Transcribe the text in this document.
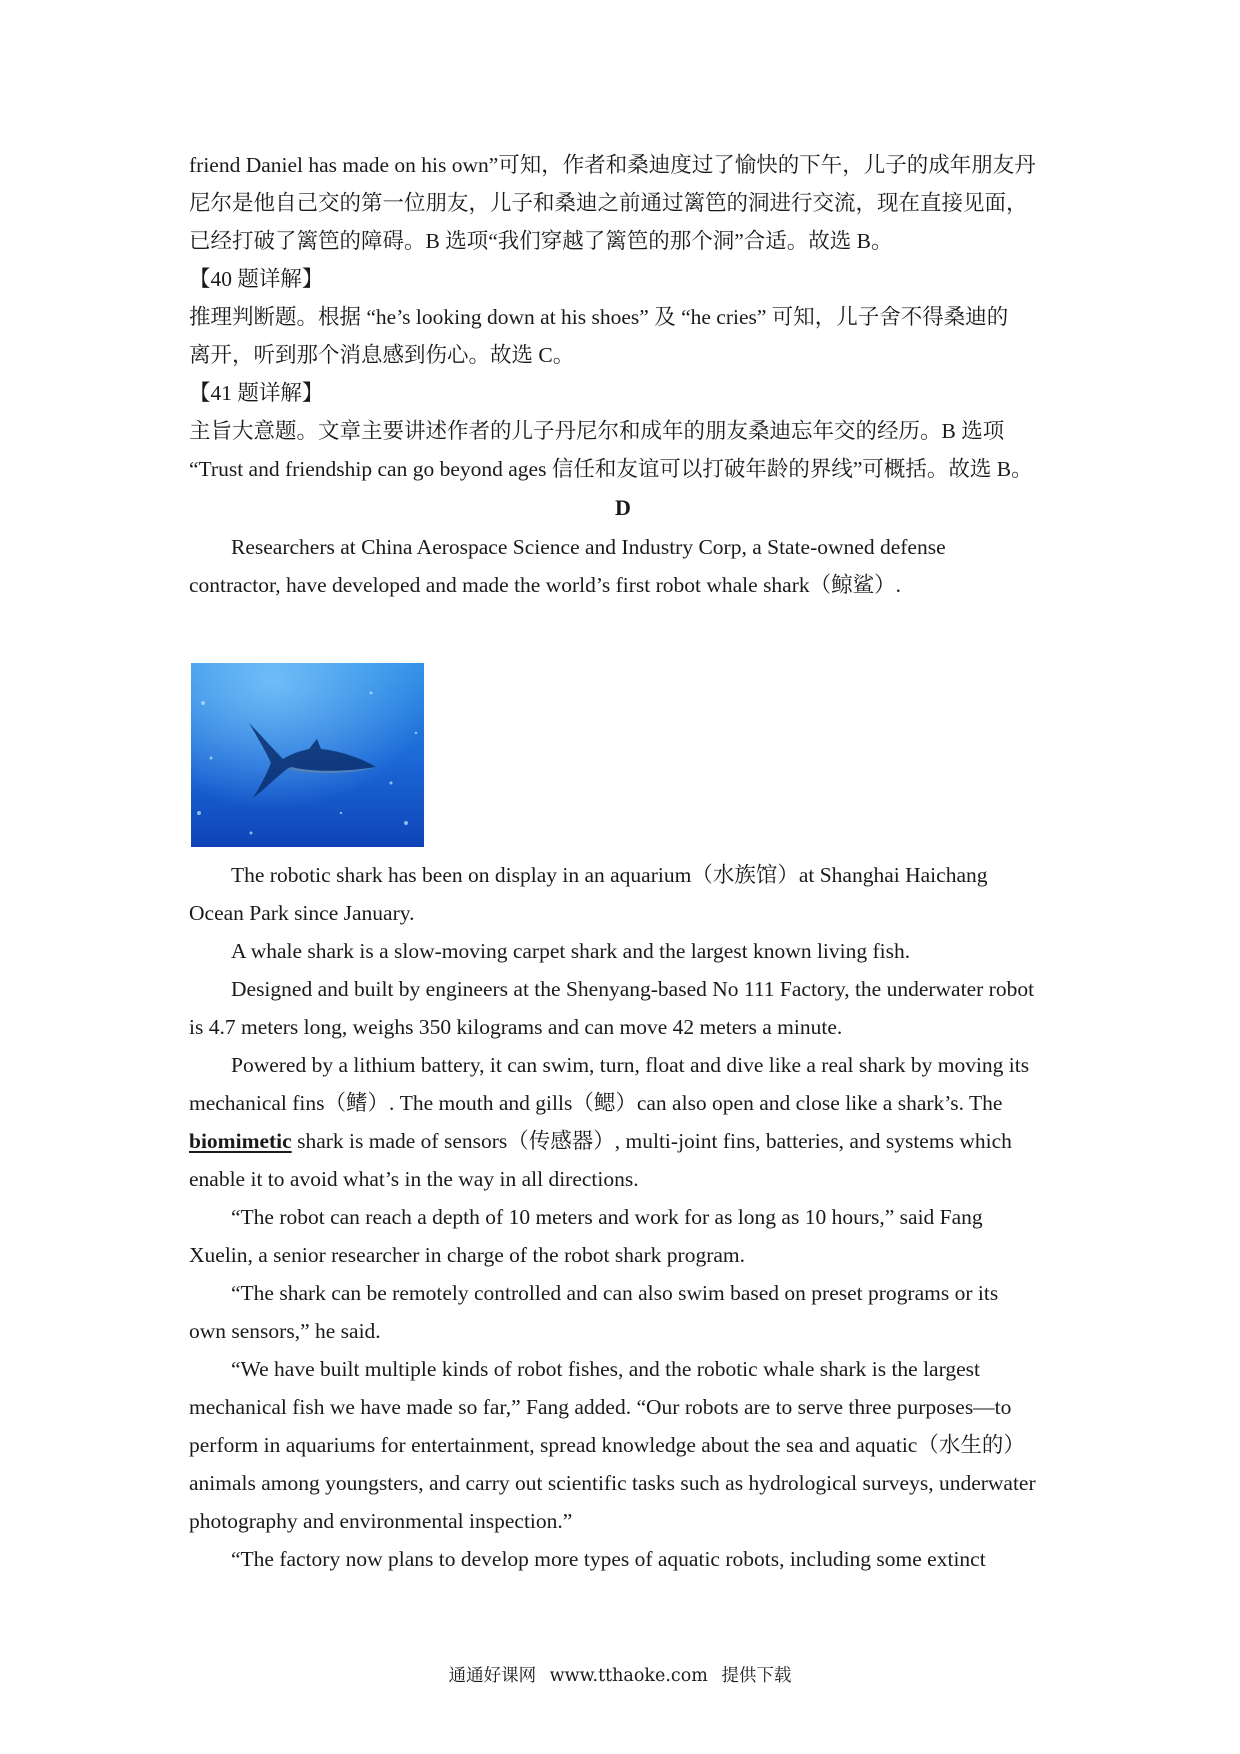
friend Daniel has made on his own”可知，作者和桑迪度过了愉快的下午，儿子的成年朋友丹
尼尔是他自己交的第一位朋友，儿子和桑迪之前通过篱笆的洞进行交流，现在直接见面，
已经打破了篱笆的障碍。B 选项“我们穿越了篱笆的那个洞”合适。故选 B。
【40 题详解】
推理判断题。根据 “he’s looking down at his shoes” 及 “he cries” 可知，儿子舍不得桑迪的
离开，听到那个消息感到伤心。故选 C。
【41 题详解】
主旨大意题。文章主要讲述作者的儿子丹尼尔和成年的朋友桑迪忘年交的经历。B 选项
“Trust and friendship can go beyond ages 信任和友谊可以打破年龄的界线”可概括。故选 B。
D
Researchers at China Aerospace Science and Industry Corp, a State-owned defense
contractor, have developed and made the world’s first robot whale shark（鲸鲨）.
The robotic shark has been on display in an aquarium（水族馆）at Shanghai Haichang
Ocean Park since January.
A whale shark is a slow-moving carpet shark and the largest known living fish.
Designed and built by engineers at the Shenyang-based No 111 Factory, the underwater robot
is 4.7 meters long, weighs 350 kilograms and can move 42 meters a minute.
Powered by a lithium battery, it can swim, turn, float and dive like a real shark by moving its
mechanical fins（鳍）. The mouth and gills（鳃）can also open and close like a shark’s. The
biomimetic shark is made of sensors（传感器）, multi-joint fins, batteries, and systems which
enable it to avoid what’s in the way in all directions.
“The robot can reach a depth of 10 meters and work for as long as 10 hours,” said Fang
Xuelin, a senior researcher in charge of the robot shark program.
“The shark can be remotely controlled and can also swim based on preset programs or its
own sensors,” he said.
“We have built multiple kinds of robot fishes, and the robotic whale shark is the largest
mechanical fish we have made so far,” Fang added. “Our robots are to serve three purposes—to
perform in aquariums for entertainment, spread knowledge about the sea and aquatic（水生的）
animals among youngsters, and carry out scientific tasks such as hydrological surveys, underwater
photography and environmental inspection.”
“The factory now plans to develop more types of aquatic robots, including some extinct
通通好课网 www.tthaoke.com 提供下载
